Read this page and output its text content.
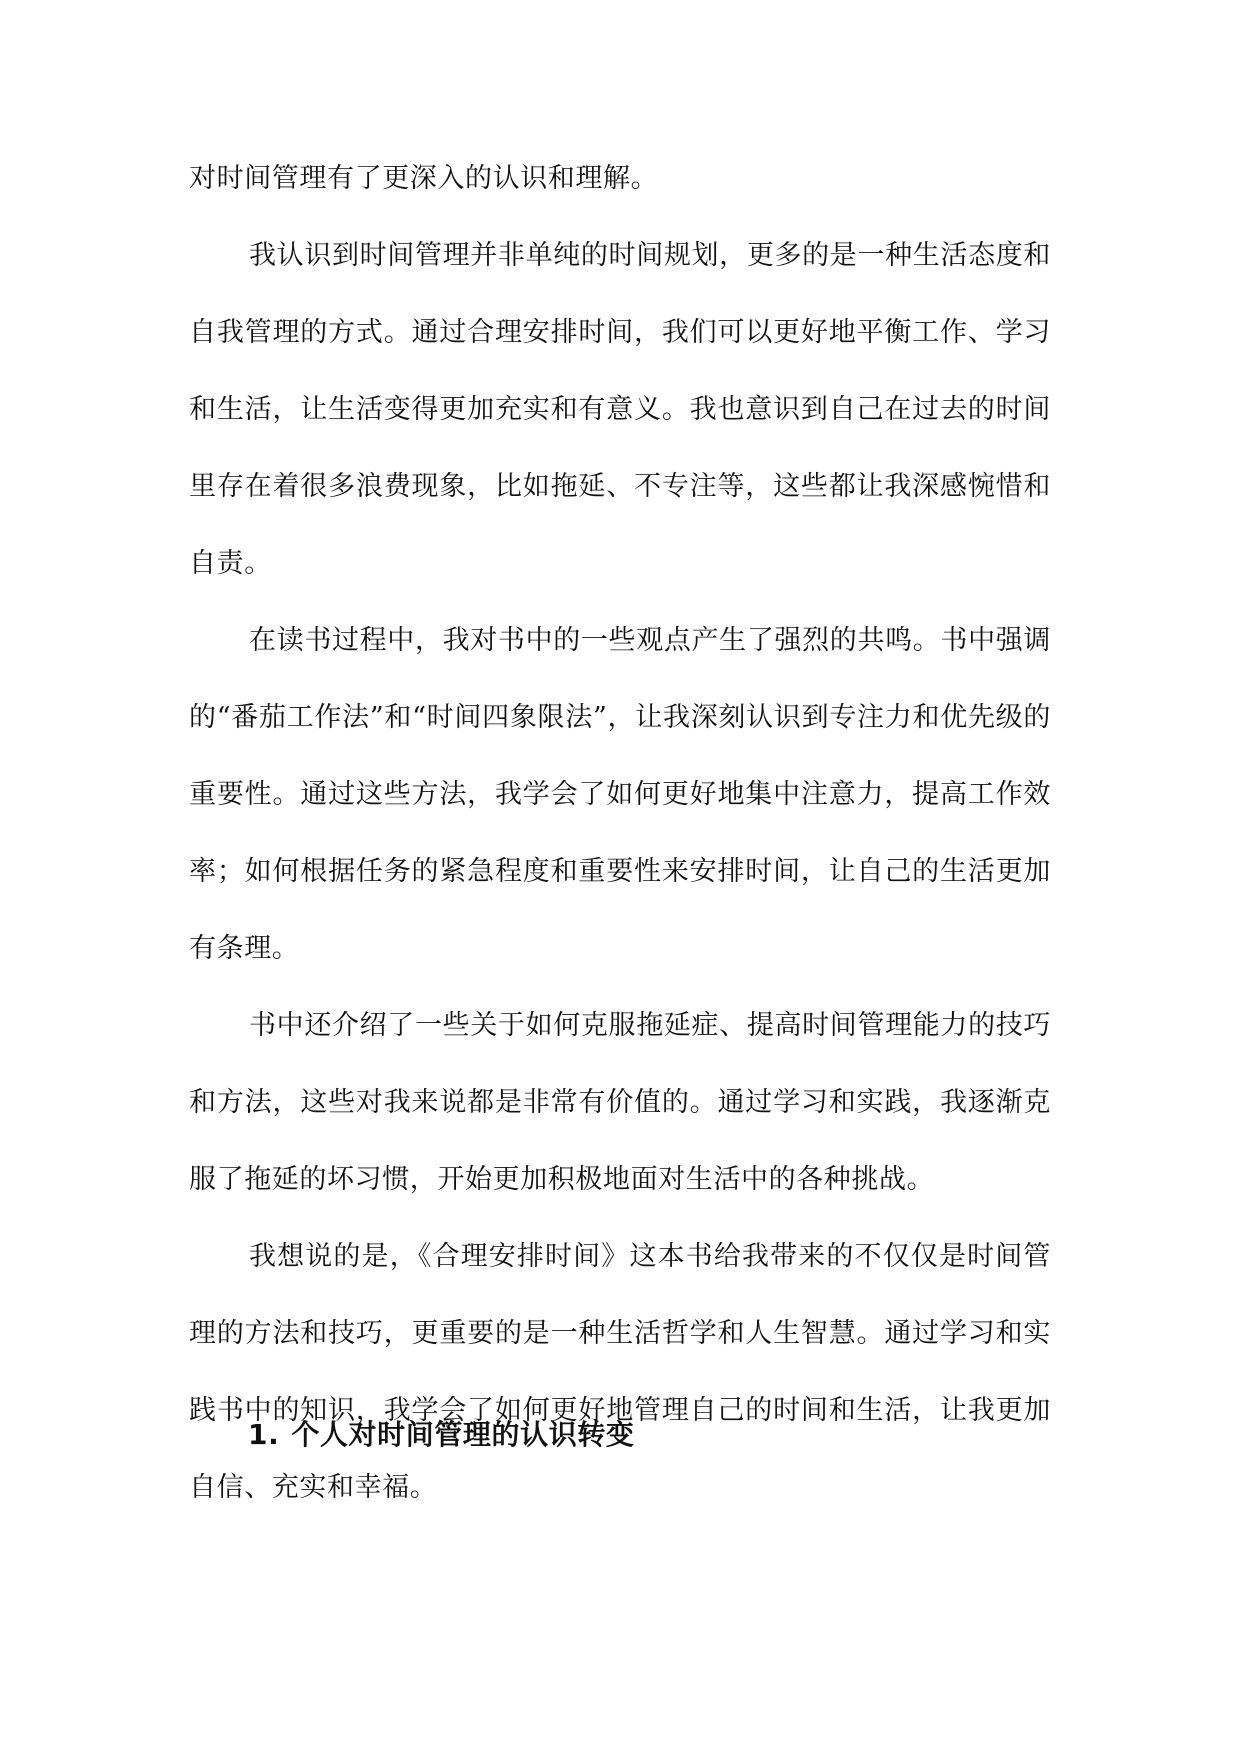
对时间管理有了更深入的认识和理解。

我认识到时间管理并非单纯的时间规划，更多的是一种生活态度和自我管理的方式。通过合理安排时间，我们可以更好地平衡工作、学习和生活，让生活变得更加充实和有意义。我也意识到自己在过去的时间里存在着很多浪费现象，比如拖延、不专注等，这些都让我深感惋惜和自责。

在读书过程中，我对书中的一些观点产生了强烈的共鸣。书中强调的“番茄工作法”和“时间四象限法”，让我深刻认识到专注力和优先级的重要性。通过这些方法，我学会了如何更好地集中注意力，提高工作效率；如何根据任务的紧急程度和重要性来安排时间，让自己的生活更加有条理。

书中还介绍了一些关于如何克服拖延症、提高时间管理能力的技巧和方法，这些对我来说都是非常有价值的。通过学习和实践，我逐渐克服了拖延的坏习惯，开始更加积极地面对生活中的各种挑战。

我想说的是，《合理安排时间》这本书给我带来的不仅仅是时间管理的方法和技巧，更重要的是一种生活哲学和人生智慧。通过学习和实践书中的知识，我学会了如何更好地管理自己的时间和生活，让我更加自信、充实和幸福。

1. 个人对时间管理的认识转变
